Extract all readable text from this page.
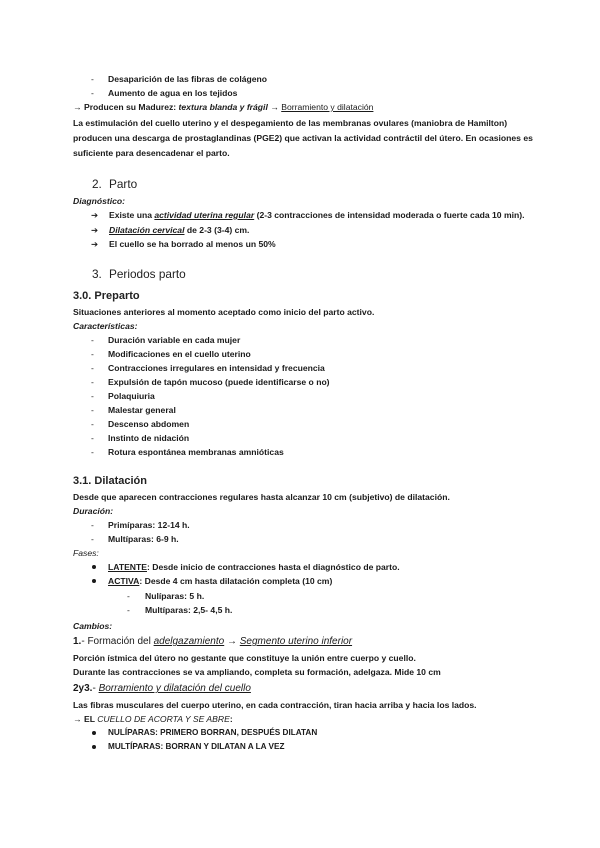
- Desaparición de las fibras de colágeno
- Aumento de agua en los tejidos
→ Producen su Madurez: textura blanda y frágil → Borramiento y dilatación
La estimulación del cuello uterino y el despegamiento de las membranas ovulares (maniobra de Hamilton)
producen una descarga de prostaglandinas (PGE2) que activan la actividad contráctil del útero. En ocasiones es
suficiente para desencadenar el parto.
2. Parto
Diagnóstico:
➔ Existe una actividad uterina regular (2-3 contracciones de intensidad moderada o fuerte cada 10 min).
➔ Dilatación cervical de 2-3 (3-4) cm.
➔ El cuello se ha borrado al menos un 50%
3. Periodos parto
3.0. Preparto
Situaciones anteriores al momento aceptado como inicio del parto activo.
Características:
- Duración variable en cada mujer
- Modificaciones en el cuello uterino
- Contracciones irregulares en intensidad y frecuencia
- Expulsión de tapón mucoso (puede identificarse o no)
- Polaquiuria
- Malestar general
- Descenso abdomen
- Instinto de nidación
- Rotura espontánea membranas amnióticas
3.1. Dilatación
Desde que aparecen contracciones regulares hasta alcanzar 10 cm (subjetivo) de dilatación.
Duración:
- Primíparas: 12-14 h.
- Multíparas: 6-9 h.
Fases:
LATENTE: Desde inicio de contracciones hasta el diagnóstico de parto.
ACTIVA: Desde 4 cm hasta dilatación completa (10 cm)
- Nulíparas: 5 h.
- Multíparas: 2,5- 4,5 h.
Cambios:
1.- Formación del adelgazamiento → Segmento uterino inferior
Porción ístmica del útero no gestante que constituye la unión entre cuerpo y cuello.
Durante las contracciones se va ampliando, completa su formación, adelgaza. Mide 10 cm
2y3.- Borramiento y dilatación del cuello
Las fibras musculares del cuerpo uterino, en cada contracción, tiran hacia arriba y hacia los lados.
→ EL CUELLO DE ACORTA Y SE ABRE:
NULÍPARAS: PRIMERO BORRAN, DESPUÉS DILATAN
MULTÍPARAS: BORRAN Y DILATAN A LA VEZ
